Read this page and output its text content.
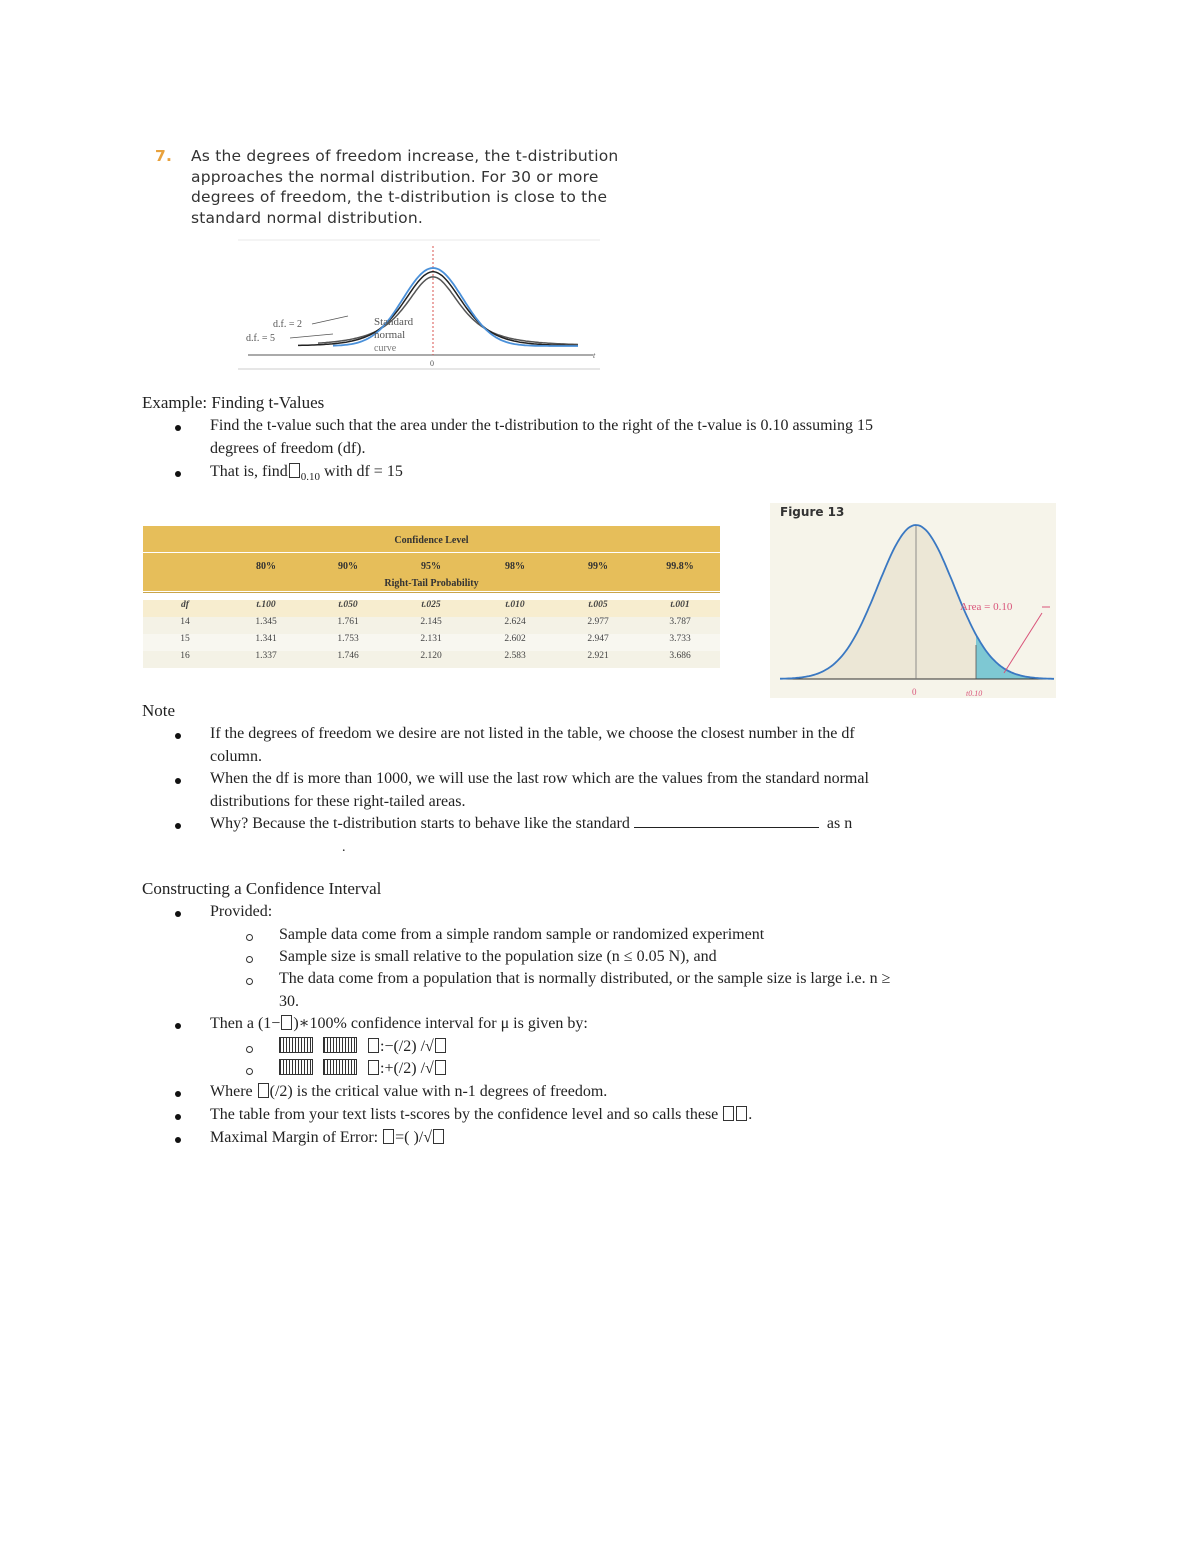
7. As the degrees of freedom increase, the t-distribution
approaches the normal distribution. For 30 or more
degrees of freedom, the t-distribution is close to the
standard normal distribution.
d.f. = 2
d.f. = 5
Standard
normal
curve
0
t
Example: Finding t-Values
Find the t-value such that the area under the t-distribution to the right of the t-value is 0.10 assuming 15
degrees of freedom (df).
That is, find $_{0.10}$ with df = 15
Confidence Level
80%	90%	95%	98%	99%	99.8%
Right-Tail Probability
df	t.100	t.050	t.025	t.010	t.005	t.001
14	1.345	1.761	2.145	2.624	2.977	3.787
15	1.341	1.753	2.131	2.602	2.947	3.733
16	1.337	1.746	2.120	2.583	2.921	3.686
Figure 13
Area = 0.10
0	t0.10
Note
If the degrees of freedom we desire are not listed in the table, we choose the closest number in the df
column.
When the df is more than 1000, we will use the last row which are the values from the standard normal
distributions for these right-tailed areas.
Why? Because the t-distribution starts to behave like the standard	as n
.
Constructing a Confidence Interval
Provided:
Sample data come from a simple random sample or randomized experiment
Sample size is small relative to the population size (n ≤ 0.05 N), and
The data come from a population that is normally distributed, or the sample size is large i.e. n ≥
30.
Then a (1− )∗100% confidence interval for μ is given by:
:−(/2) /√
:+(/2) /√
Where (/2) is the critical value with n-1 degrees of freedom.
The table from your text lists t-scores by the confidence level and so calls these .
Maximal Margin of Error: =( )/√
